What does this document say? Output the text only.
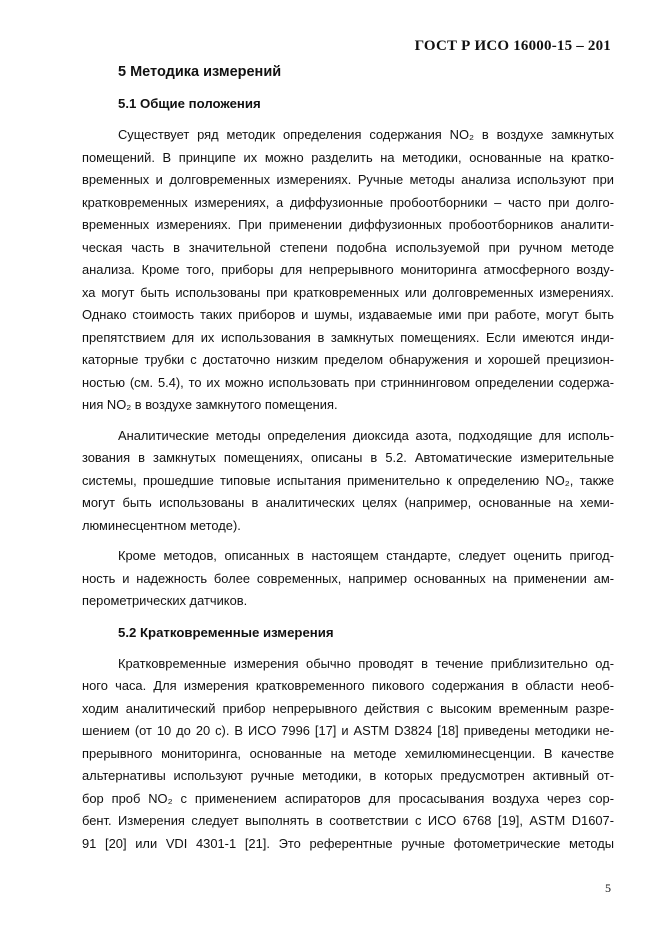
ГОСТ Р ИСО 16000-15 – 201
5 Методика измерений
5.1 Общие положения
Существует ряд методик определения содержания NO₂ в воздухе замкнутых
помещений. В принципе их можно разделить на методики, основанные на кратко-
временных и долговременных измерениях. Ручные методы анализа используют при
кратковременных измерениях, а диффузионные пробоотборники – часто при долго-
временных измерениях. При применении диффузионных пробоотборников аналити-
ческая часть в значительной степени подобна используемой при ручном методе
анализа. Кроме того, приборы для непрерывного мониторинга атмосферного возду-
ха могут быть использованы при кратковременных или долговременных измерениях.
Однако стоимость таких приборов и шумы, издаваемые ими при работе, могут быть
препятствием для их использования в замкнутых помещениях. Если имеются инди-
каторные трубки с достаточно низким пределом обнаружения и хорошей прецизион-
ностью (см. 5.4), то их можно использовать при стриннинговом определении содержа-
ния NO₂ в воздухе замкнутого помещения.
Аналитические методы определения диоксида азота, подходящие для исполь-
зования в замкнутых помещениях, описаны в 5.2. Автоматические измерительные
системы, прошедшие типовые испытания применительно к определению NO₂, также
могут быть использованы в аналитических целях (например, основанные на хеми-
люминесцентном методе).
Кроме методов, описанных в настоящем стандарте, следует оценить пригод-
ность и надежность более современных, например основанных на применении ам-
перометрических датчиков.
5.2 Кратковременные измерения
Кратковременные измерения обычно проводят в течение приблизительно од-
ного часа. Для измерения кратковременного пикового содержания в области необ-
ходим аналитический прибор непрерывного действия с высоким временным разре-
шением (от 10 до 20 с). В ИСО 7996 [17] и ASTM D3824 [18] приведены методики не-
прерывного мониторинга, основанные на методе хемилюминесценции. В качестве
альтернативы используют ручные методики, в которых предусмотрен активный от-
бор проб NO₂ с применением аспираторов для просасывания воздуха через сор-
бент. Измерения следует выполнять в соответствии с ИСО 6768 [19], ASTM D1607-
91 [20] или VDI 4301-1 [21]. Это референтные ручные фотометрические методы
5
